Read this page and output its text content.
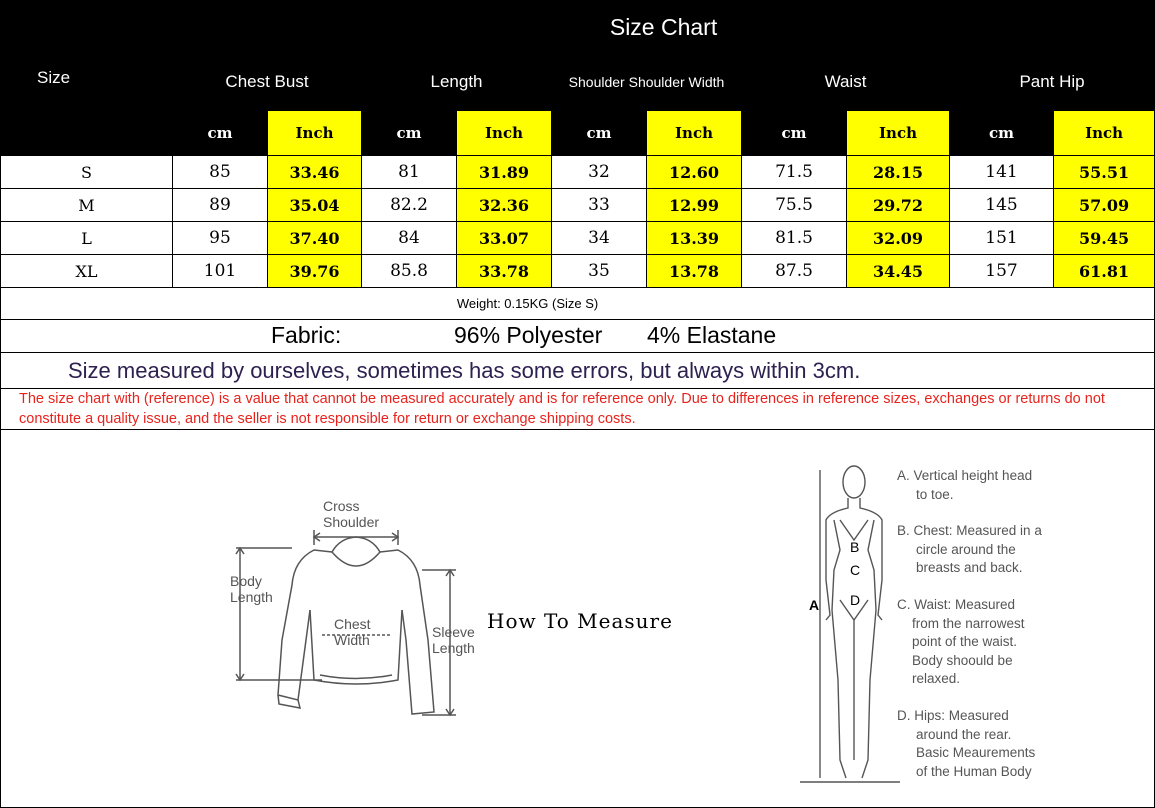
Size	Size Chart									
	Chest Bust		Length		Shoulder Shoulder Width		Waist		Pant Hip	
	cm	Inch	cm	Inch	cm	Inch	cm	Inch	cm	Inch
S	85	33.46	81	31.89	32	12.60	71.5	28.15	141	55.51
M	89	35.04	82.2	32.36	33	12.99	75.5	29.72	145	57.09
L	95	37.40	84	33.07	34	13.39	81.5	32.09	151	59.45
XL	101	39.76	85.8	33.78	35	13.78	87.5	34.45	157	61.81
Weight: 0.15KG (Size S)										

Fabric: 96% Polyester 4% Elastane										

Size measured by ourselves, sometimes has some errors, but always within 3cm.										
The size chart with (reference) is a value that cannot be measured accurately and is for reference only. Due to differences in reference sizes, exchanges or returns do not constitute a quality issue, and the seller is not responsible for return or exchange shipping costs.										
Cross
Shoulder
Body
Length
Chest
Width	Sleeve
Length
How To Measure
A
B
C
D
A. Vertical height head
to toe.
B. Chest: Measured in a
circle around the
breasts and back.
C. Waist: Measured
from the narrowest
point of the waist.
Body shoould be
relaxed.
D. Hips: Measured
around the rear.
Basic Meaurements
of the Human Body
